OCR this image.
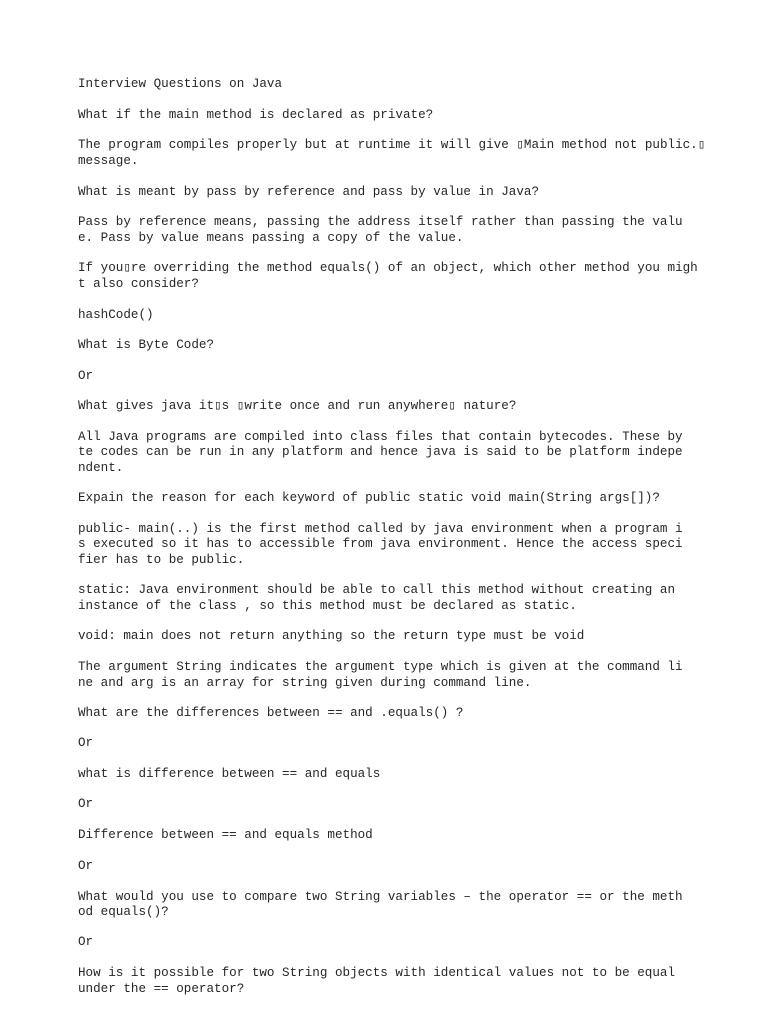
Interview Questions on Java

What if the main method is declared as private?

The program compiles properly but at runtime it will give ▯Main method not public.▯

message.

What is meant by pass by reference and pass by value in Java?

Pass by reference means, passing the address itself rather than passing the valu

e. Pass by value means passing a copy of the value.

If you▯re overriding the method equals() of an object, which other method you migh

t also consider?

hashCode()

What is Byte Code?

Or

What gives java it▯s ▯write once and run anywhere▯ nature?

All Java programs are compiled into class files that contain bytecodes. These by

te codes can be run in any platform and hence java is said to be platform indepe

ndent.

Expain the reason for each keyword of public static void main(String args[])?

public- main(..) is the first method called by java environment when a program i

s executed so it has to accessible from java environment. Hence the access speci

fier has to be public.

static: Java environment should be able to call this method without creating an

instance of the class , so this method must be declared as static.

void: main does not return anything so the return type must be void

The argument String indicates the argument type which is given at the command li

ne and arg is an array for string given during command line.

What are the differences between == and .equals() ?

Or

what is difference between == and equals

Or

Difference between == and equals method

Or

What would you use to compare two String variables – the operator == or the meth

od equals()?

Or

How is it possible for two String objects with identical values not to be equal

under the == operator?
